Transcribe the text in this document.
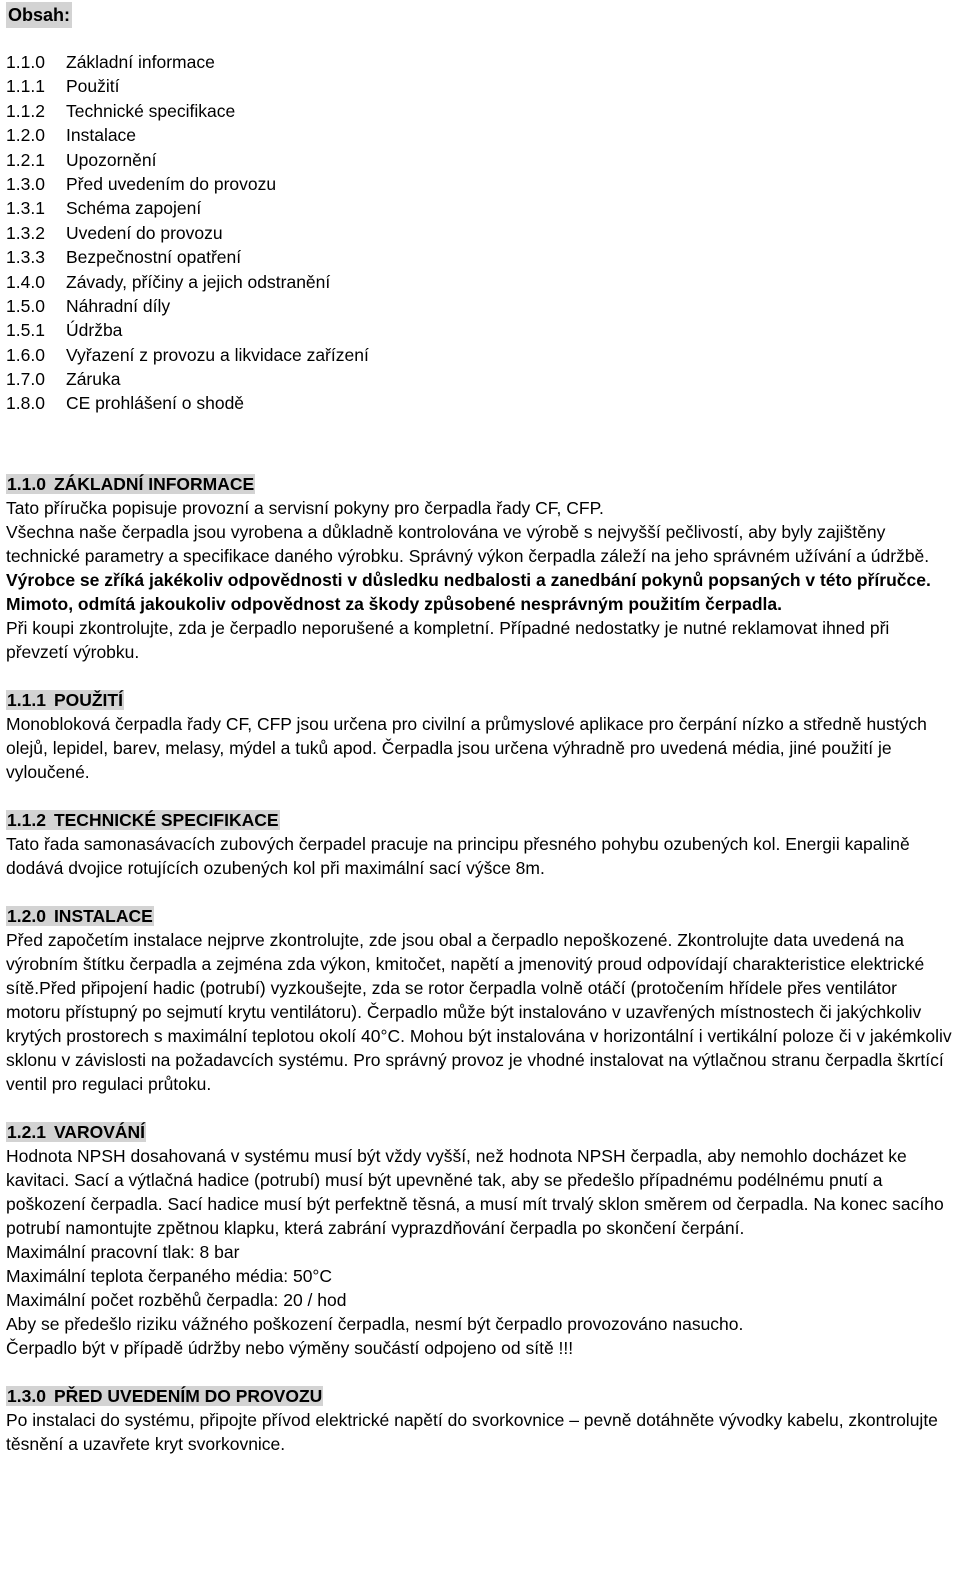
Obsah:
1.1.0 Základní informace
1.1.1 Použití
1.1.2 Technické specifikace
1.2.0 Instalace
1.2.1 Upozornění
1.3.0 Před uvedením do provozu
1.3.1 Schéma zapojení
1.3.2 Uvedení do provozu
1.3.3 Bezpečnostní opatření
1.4.0 Závady, příčiny a jejich odstranění
1.5.0 Náhradní díly
1.5.1 Údržba
1.6.0 Vyřazení z provozu a likvidace zařízení
1.7.0 Záruka
1.8.0 CE prohlášení o shodě
1.1.0 ZÁKLADNÍ INFORMACE

Tato příručka popisuje provozní a servisní pokyny pro čerpadla řady CF, CFP.

Všechna naše čerpadla jsou vyrobena a důkladně kontrolována ve výrobě s nejvyšší pečlivostí, aby byly zajištěny technické parametry a specifikace daného výrobku. Správný výkon čerpadla záleží na jeho správném užívání a údržbě.

Výrobce se zříká jakékoliv odpovědnosti v důsledku nedbalosti a zanedbání pokynů popsaných v této příručce. Mimoto, odmítá jakoukoliv odpovědnost za škody způsobené nesprávným použitím čerpadla.

Při koupi zkontrolujte, zda je čerpadlo neporušené a kompletní. Případné nedostatky je nutné reklamovat ihned při převzetí výrobku.

1.1.1 POUŽITÍ

Monobloková čerpadla řady CF, CFP jsou určena pro civilní a průmyslové aplikace pro čerpání nízko a středně hustých olejů, lepidel, barev, melasy, mýdel a tuků apod. Čerpadla jsou určena výhradně pro uvedená média, jiné použití je vyloučené.

1.1.2 TECHNICKÉ SPECIFIKACE

Tato řada samonasávacích zubových čerpadel pracuje na principu přesného pohybu ozubených kol. Energii kapalině dodává dvojice rotujících ozubených kol při maximální sací výšce 8m.

1.2.0 INSTALACE

Před započetím instalace nejprve zkontrolujte, zde jsou obal a čerpadlo nepoškozené. Zkontrolujte data uvedená na výrobním štítku čerpadla a zejména zda výkon, kmitočet, napětí a jmenovitý proud odpovídají charakteristice elektrické sítě.Před připojení hadic (potrubí) vyzkoušejte, zda se rotor čerpadla volně otáčí (protočením hřídele přes ventilátor motoru přístupný po sejmutí krytu ventilátoru). Čerpadlo může být instalováno v uzavřených místnostech či jakýchkoliv krytých prostorech s maximální teplotou okolí 40°C. Mohou být instalována v horizontální i vertikální poloze či v jakémkoliv sklonu v závislosti na požadavcích systému. Pro správný provoz je vhodné instalovat na výtlačnou stranu čerpadla škrtící ventil pro regulaci průtoku.

1.2.1 VAROVÁNÍ

Hodnota NPSH dosahovaná v systému musí být vždy vyšší, než hodnota NPSH čerpadla, aby nemohlo docházet ke kavitaci. Sací a výtlačná hadice (potrubí) musí být upevněné tak, aby se předešlo případnému podélnému pnutí a poškození čerpadla. Sací hadice musí být perfektně těsná, a musí mít trvalý sklon směrem od čerpadla. Na konec sacího potrubí namontujte zpětnou klapku, která zabrání vyprazdňování čerpadla po skončení čerpání.

Maximální pracovní tlak: 8 bar

Maximální teplota čerpaného média: 50°C

Maximální počet rozběhů čerpadla: 20 / hod

Aby se předešlo riziku vážného poškození čerpadla, nesmí být čerpadlo provozováno nasucho.

Čerpadlo být v případě údržby nebo výměny součástí odpojeno od sítě !!!

1.3.0 PŘED UVEDENÍM DO PROVOZU

Po instalaci do systému, připojte přívod elektrické napětí do svorkovnice – pevně dotáhněte vývodky kabelu, zkontrolujte těsnění a uzavřete kryt svorkovnice.
